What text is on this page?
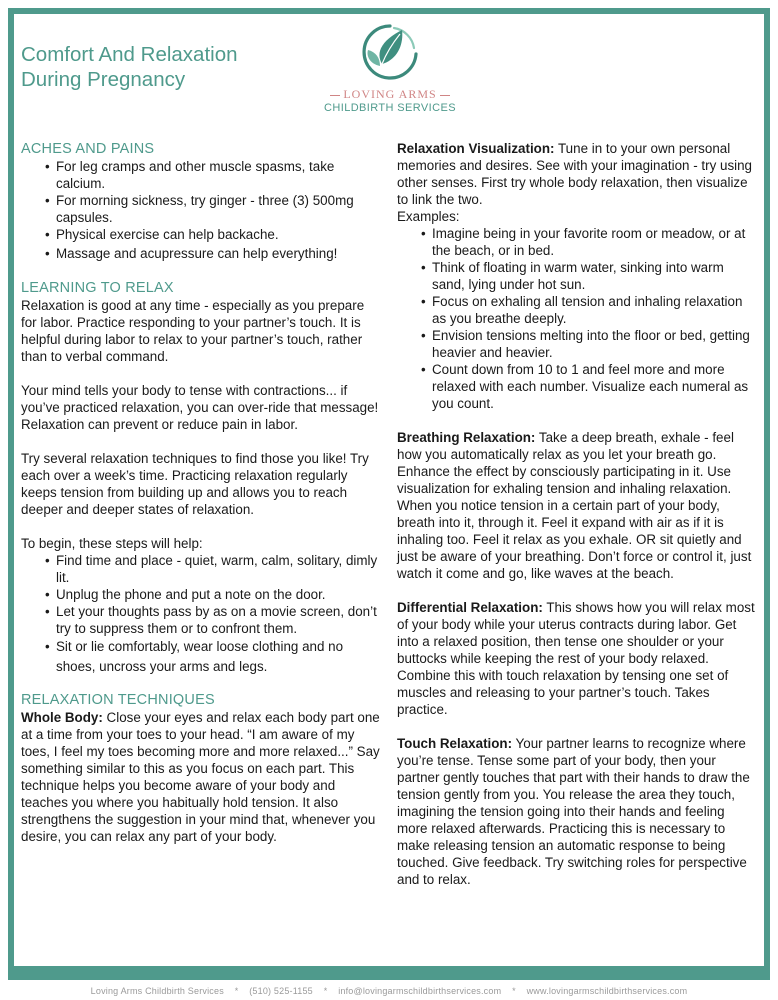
Comfort And Relaxation
During Pregnancy
LOVING ARMS
CHILDBIRTH SERVICES
ACHES AND PAINS
• For leg cramps and other muscle spasms, take calcium.
• For morning sickness, try ginger - three (3) 500mg capsules.
• Physical exercise can help backache.
• Massage and acupressure can help everything!
LEARNING TO RELAX

Relaxation is good at any time - especially as you prepare for labor. Practice responding to your partner’s touch. It is helpful during labor to relax to your partner’s touch, rather than to verbal command.

Your mind tells your body to tense with contractions... if you’ve practiced relaxation, you can over-ride that message! Relaxation can prevent or reduce pain in labor.

Try several relaxation techniques to find those you like! Try each over a week’s time. Practicing relaxation regularly keeps tension from building up and allows you to reach deeper and deeper states of relaxation.

To begin, these steps will help:

• Find time and place - quiet, warm, calm, solitary, dimly lit.
• Unplug the phone and put a note on the door.
• Let your thoughts pass by as on a movie screen, don’t try to suppress them or to confront them.
• Sit or lie comfortably, wear loose clothing and no shoes, uncross your arms and legs.
RELAXATION TECHNIQUES

Whole Body: Close your eyes and relax each body part one at a time from your toes to your head. “I am aware of my toes, I feel my toes becoming more and more relaxed...” Say something similar to this as you focus on each part. This technique helps you become aware of your body and teaches you where you habitually hold tension. It also strengthens the suggestion in your mind that, whenever you desire, you can relax any part of your body.

Relaxation Visualization: Tune in to your own personal memories and desires. See with your imagination - try using other senses. First try whole body relaxation, then visualize to link the two.

Examples:

• Imagine being in your favorite room or meadow, or at the beach, or in bed.
• Think of floating in warm water, sinking into warm sand, lying under hot sun.
• Focus on exhaling all tension and inhaling relaxation as you breathe deeply.
• Envision tensions melting into the floor or bed, getting heavier and heavier.
• Count down from 10 to 1 and feel more and more relaxed with each number. Visualize each numeral as you count.

Breathing Relaxation: Take a deep breath, exhale - feel how you automatically relax as you let your breath go. Enhance the effect by consciously participating in it. Use visualization for exhaling tension and inhaling relaxation. When you notice tension in a certain part of your body, breath into it, through it. Feel it expand with air as if it is inhaling too. Feel it relax as you exhale. OR sit quietly and just be aware of your breathing. Don’t force or control it, just watch it come and go, like waves at the beach.

Differential Relaxation: This shows how you will relax most of your body while your uterus contracts during labor. Get into a relaxed position, then tense one shoulder or your buttocks while keeping the rest of your body relaxed. Combine this with touch relaxation by tensing one set of muscles and releasing to your partner’s touch. Takes practice.

Touch Relaxation: Your partner learns to recognize where you’re tense. Tense some part of your body, then your partner gently touches that part with their hands to draw the tension gently from you. You release the area they touch, imagining the tension going into their hands and feeling more relaxed afterwards. Practicing this is necessary to make releasing tension an automatic response to being touched. Give feedback. Try switching roles for perspective and to relax.

Loving Arms Childbirth Services    *    (510) 525-1155    *    info@lovingarmschildbirthservices.com    *    www.lovingarmschildbirthservices.com
